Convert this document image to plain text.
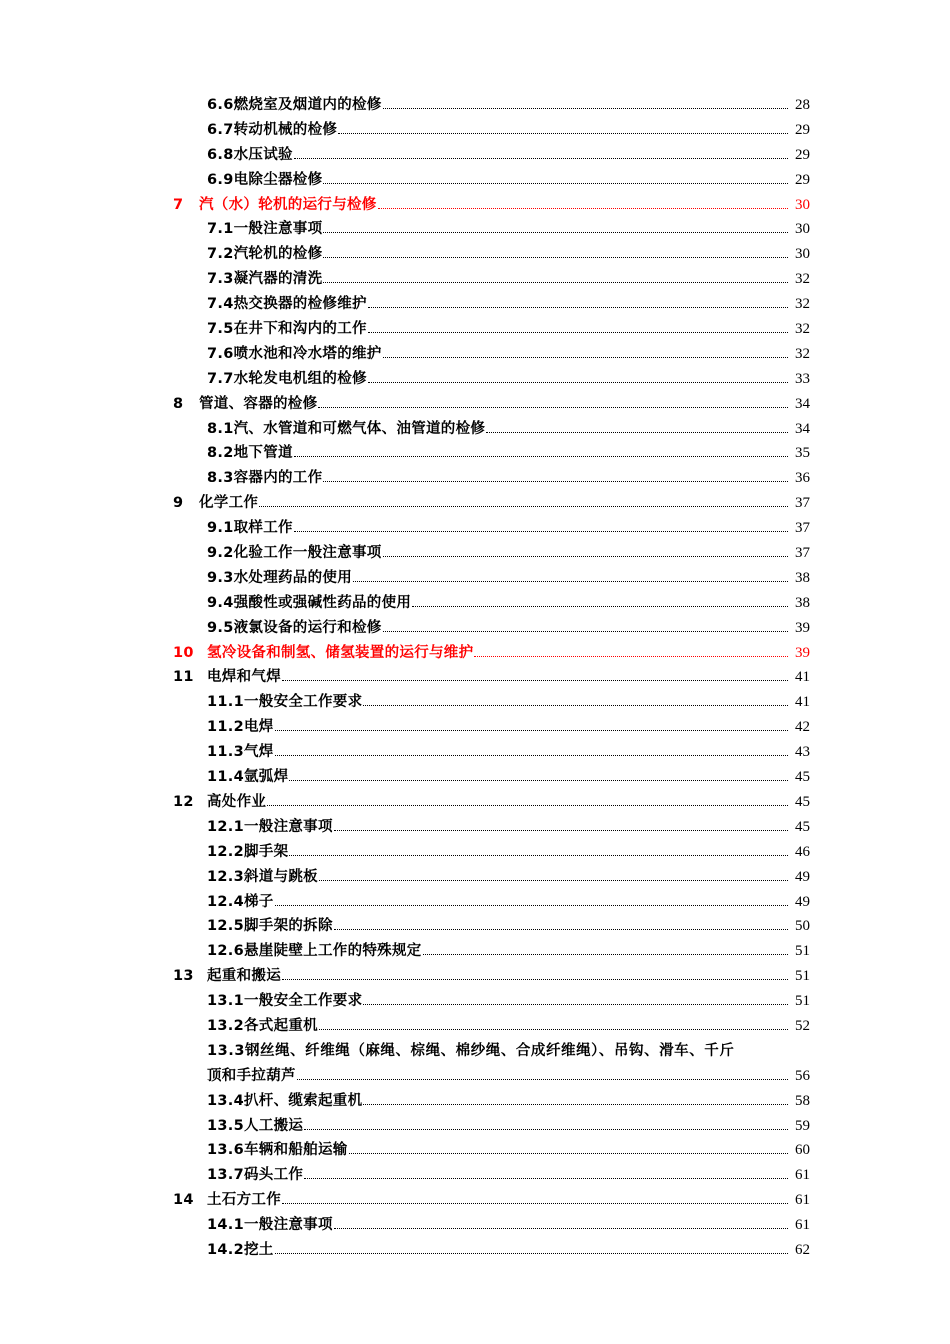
6.6 燃烧室及烟道内的检修	28
6.7 转动机械的检修	29
6.8 水压试验	29
6.9 电除尘器检修	29
7	汽（水）轮机的运行与检修	30
7.1 一般注意事项	30
7.2 汽轮机的检修	30
7.3 凝汽器的清洗	32
7.4 热交换器的检修维护	32
7.5 在井下和沟内的工作	32
7.6 喷水池和冷水塔的维护	32
7.7 水轮发电机组的检修	33
8	管道、容器的检修	34
8.1 汽、水管道和可燃气体、油管道的检修	34
8.2 地下管道	35
8.3 容器内的工作	36
9	化学工作	37
9.1 取样工作	37
9.2 化验工作一般注意事项	37
9.3 水处理药品的使用	38
9.4 强酸性或强碱性药品的使用	38
9.5 液氯设备的运行和检修	39
10 氢冷设备和制氢、储氢装置的运行与维护	39
11 电焊和气焊	41
11.1 一般安全工作要求	41
11.2 电焊	42
11.3 气焊	43
11.4 氩弧焊	45
12 高处作业	45
12.1 一般注意事项	45
12.2 脚手架	46
12.3 斜道与跳板	49
12.4 梯子	49
12.5 脚手架的拆除	50
12.6 悬崖陡壁上工作的特殊规定	51
13 起重和搬运	51
13.1 一般安全工作要求	51
13.2 各式起重机	52
13.3钢丝绳、纤维绳（麻绳、棕绳、棉纱绳、合成纤维绳）、吊钩、滑车、千斤
顶和手拉葫芦	56
13.4 扒杆、缆索起重机	58
13.5 人工搬运	59
13.6 车辆和船舶运输	60
13.7 码头工作	61
14 土石方工作	61
14.1 一般注意事项	61
14.2 挖土	62
